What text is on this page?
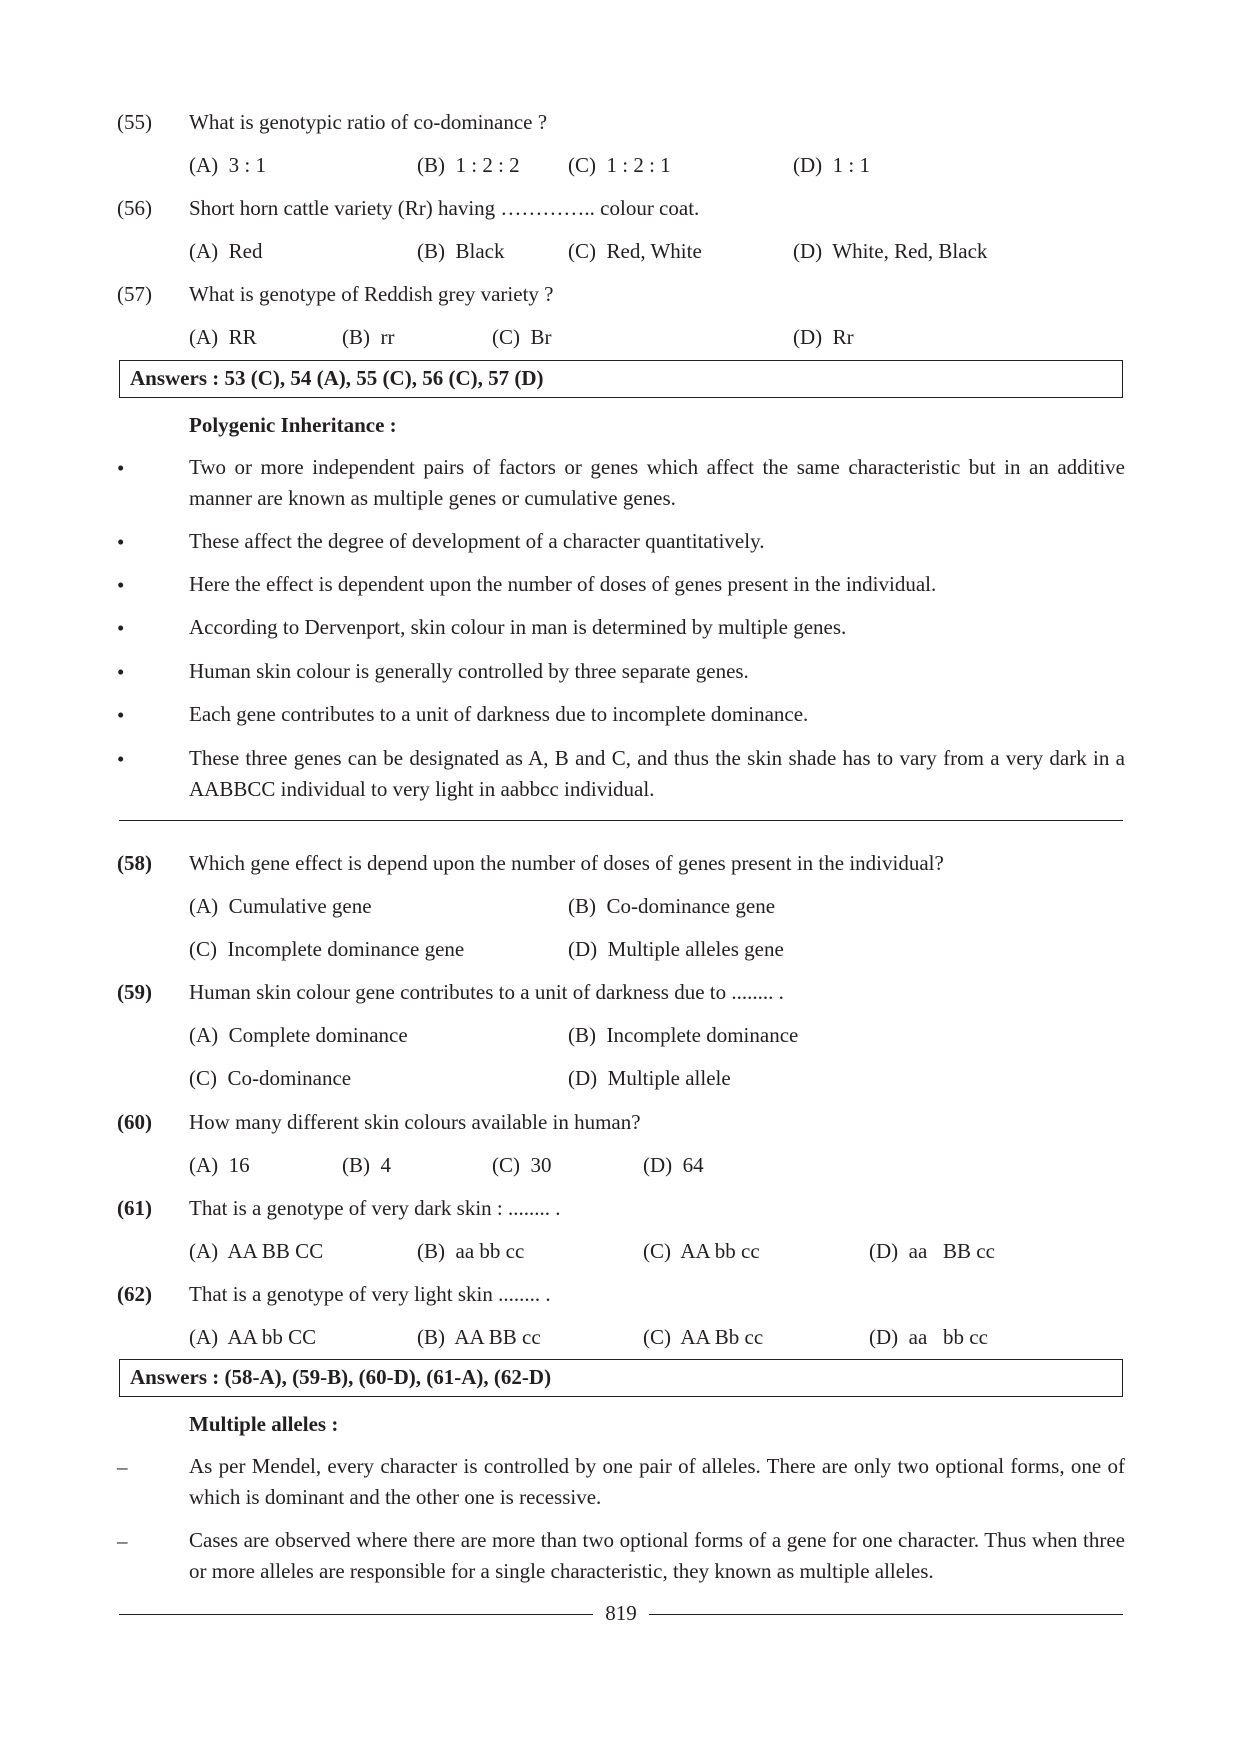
(55) What is genotypic ratio of co-dominance ?
(A) 3 : 1	(B) 1 : 2 : 2 (C) 1 : 2 : 1	(D) 1 : 1
(56) Short horn cattle variety (Rr) having ………….. colour coat.
(A) Red	(B) Black	(C) Red, White	(D) White, Red, Black
(57) What is genotype of Reddish grey variety ?
(A) RR	(B) rr	(C) Br	(D) Rr
Answers : 53 (C), 54 (A), 55 (C), 56 (C), 57 (D)
Polygenic Inheritance :
•	Two or more independent pairs of factors or genes which affect the same characteristic but in an additive manner are known as multiple genes or cumulative genes.
•	These affect the degree of development of a character quantitatively.
•	Here the effect is dependent upon the number of doses of genes present in the individual.
•	According to Dervenport, skin colour in man is determined by multiple genes.
•	Human skin colour is generally controlled by three separate genes.
•	Each gene contributes to a unit of darkness due to incomplete dominance.
•	These three genes can be designated as A, B and C, and thus the skin shade has to vary from a very dark in a AABBCC individual to very light in aabbcc individual.
(58) Which gene effect is depend upon the number of doses of genes present in the individual?
(A) Cumulative gene	(B) Co-dominance gene
(C) Incomplete dominance gene	(D) Multiple alleles gene
(59) Human skin colour gene contributes to a unit of darkness due to ........ .
(A) Complete dominance	(B) Incomplete dominance
(C) Co-dominance	(D) Multiple allele
(60) How many different skin colours available in human?
(A) 16	(B) 4	(C) 30	(D) 64
(61) That is a genotype of very dark skin : ........ .
(A) AA BB CC	(B) aa bb cc	(C) AA bb cc	(D) aa   BB cc
(62) That is a genotype of very light skin ........ .
(A) AA bb CC	(B) AA BB cc	(C) AA Bb cc	(D) aa   bb cc
Answers : (58-A), (59-B), (60-D), (61-A), (62-D)
Multiple alleles :
–	As per Mendel, every character is controlled by one pair of alleles. There are only two optional forms, one of which is dominant and the other one is recessive.
–	Cases are observed where there are more than two optional forms of a gene for one character. Thus when three or more alleles are responsible for a single characteristic, they known as multiple alleles.
819
